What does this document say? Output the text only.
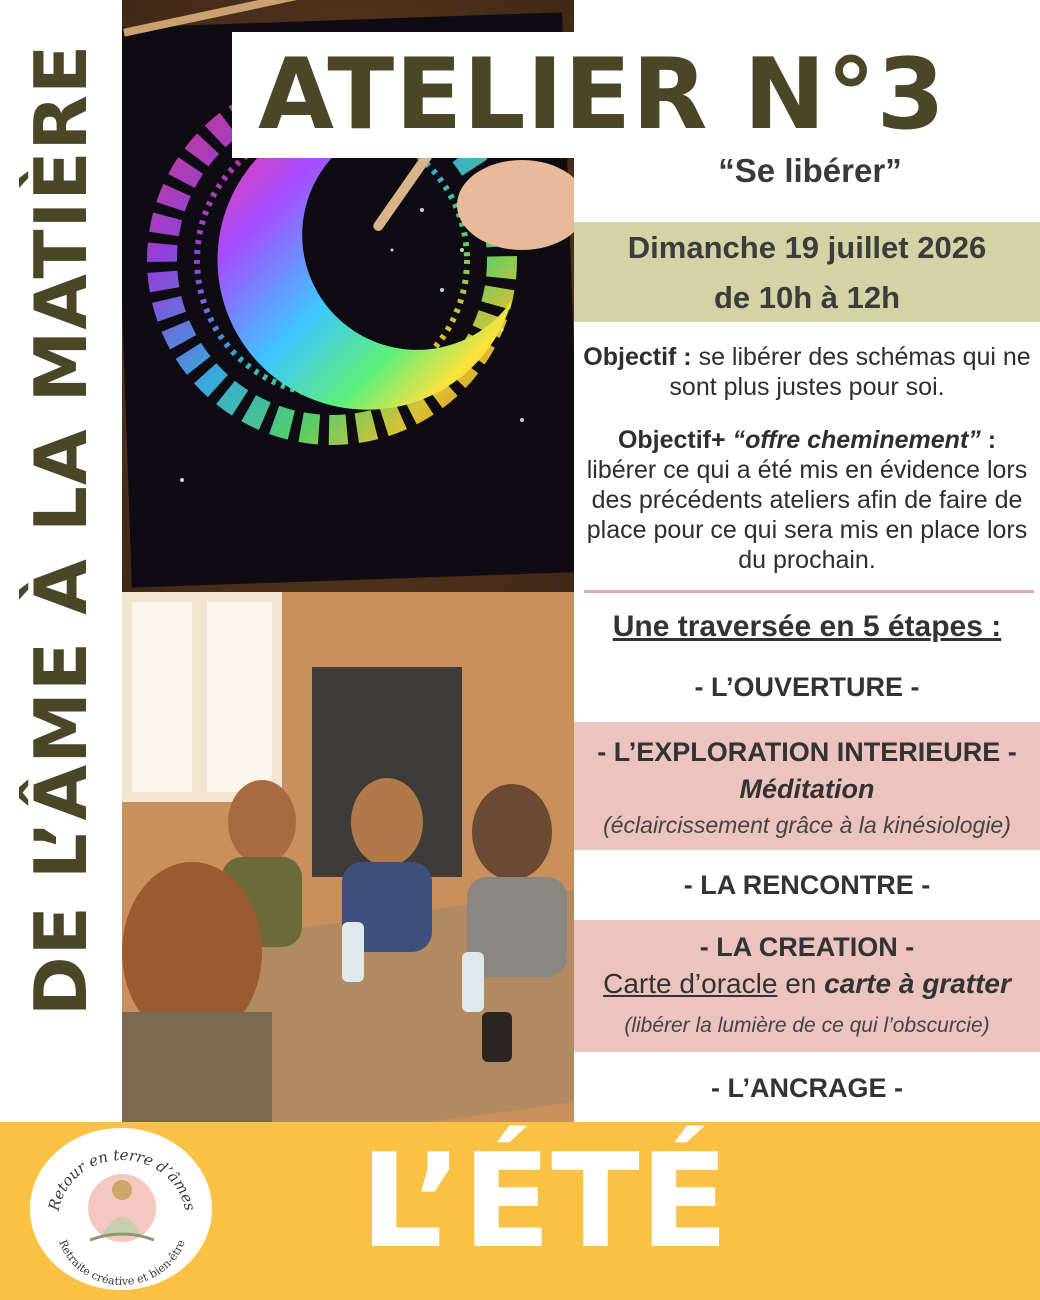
DE L’ÂME À LA MATIÈRE ATELIER N°3
“Se libérer”
Dimanche 19 juillet 2026
de 10h à 12h
Objectif : se libérer des schémas qui ne sont plus justes pour soi.
Objectif+ “offre cheminement” :
libérer ce qui a été mis en évidence lors des précédents ateliers afin de faire de place pour ce qui sera mis en place lors du prochain.
Une traversée en 5 étapes :
- L’OUVERTURE -
- L’EXPLORATION INTERIEURE -
Méditation
(éclaircissement grâce à la kinésiologie)
- LA RENCONTRE -
- LA CREATION -
Carte d’oracle en carte à gratter
(libérer la lumière de ce qui l’obscurcie)
- L’ANCRAGE -
L’ÉTÉ
Retour en terre d’âmes
Retraite créative et bien-être
